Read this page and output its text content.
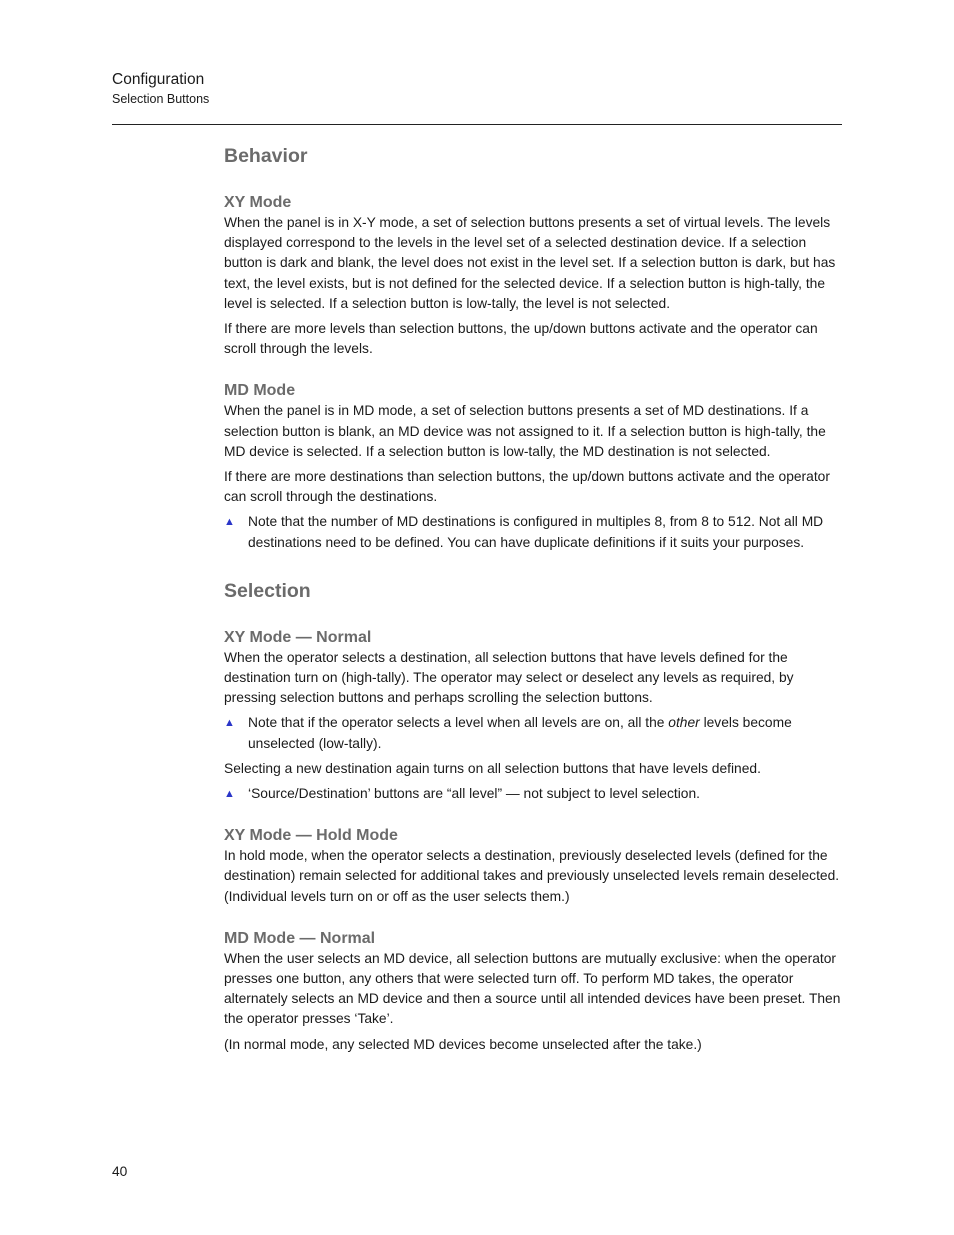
Configuration

Selection Buttons

Behavior
XY Mode

When the panel is in X-Y mode, a set of selection buttons presents a set of virtual levels. The levels displayed correspond to the levels in the level set of a selected destination device. If a selection button is dark and blank, the level does not exist in the level set. If a selection button is dark, but has text, the level exists, but is not defined for the selected device. If a selection button is high-tally, the level is selected. If a selection button is low-tally, the level is not selected.

If there are more levels than selection buttons, the up/down buttons activate and the operator can scroll through the levels.

MD Mode

When the panel is in MD mode, a set of selection buttons presents a set of MD destinations. If a selection button is blank, an MD device was not assigned to it. If a selection button is high-tally, the MD device is selected. If a selection button is low-tally, the MD destination is not selected.

If there are more destinations than selection buttons, the up/down buttons activate and the operator can scroll through the destinations.

▲ Note that the number of MD destinations is configured in multiples 8, from 8 to 512. Not all MD destinations need to be defined. You can have duplicate definitions if it suits your purposes.

Selection
XY Mode — Normal

When the operator selects a destination, all selection buttons that have levels defined for the destination turn on (high-tally). The operator may select or deselect any levels as required, by pressing selection buttons and perhaps scrolling the selection buttons.

▲ Note that if the operator selects a level when all levels are on, all the other levels become unselected (low-tally).

Selecting a new destination again turns on all selection buttons that have levels defined.

▲ ‘Source/Destination’ buttons are “all level” — not subject to level selection.

XY Mode — Hold Mode

In hold mode, when the operator selects a destination, previously deselected levels (defined for the destination) remain selected for additional takes and previously unselected levels remain deselected. (Individual levels turn on or off as the user selects them.)

MD Mode — Normal

When the user selects an MD device, all selection buttons are mutually exclusive: when the operator presses one button, any others that were selected turn off. To perform MD takes, the operator alternately selects an MD device and then a source until all intended devices have been preset. Then the operator presses ‘Take’.

(In normal mode, any selected MD devices become unselected after the take.)

40
